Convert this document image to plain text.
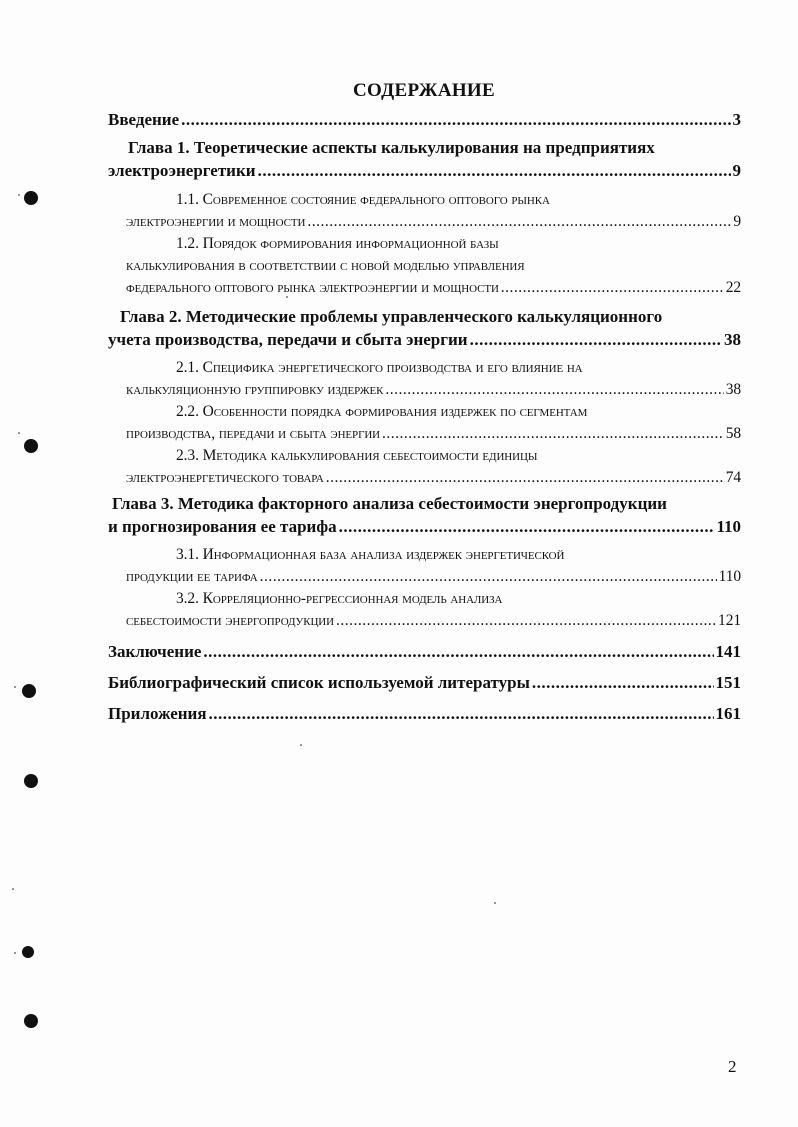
СОДЕРЖАНИЕ
Введение .....	3
Глава 1. Теоретические аспекты калькулирования на предприятиях
электроэнергетики .....	9
1.1. Современное состояние федерального оптового рынка
электроэнергии и мощности .....	9
1.2. Порядок формирования информационной базы
калькулирования в соответствии с новой моделью управления
федерального оптового рынка электроэнергии и мощности .....	22
Глава 2. Методические проблемы управленческого калькуляционного
учета производства, передачи и сбыта энергии .....	38
2.1. Специфика энергетического производства и его влияние на
калькуляционную группировку издержек .....	38
2.2. Особенности порядка формирования издержек по сегментам
производства, передачи и сбыта энергии .....	58
2.3. Методика калькулирования себестоимости единицы
электроэнергетического товара .....	74
Глава 3. Методика факторного анализа себестоимости энергопродукции
и прогнозирования ее тарифа .....	110
3.1. Информационная база анализа издержек энергетической
продукции ее тарифа .....	110
3.2. Корреляционно-регрессионная модель анализа
себестоимости энергопродукции .....	121
Заключение .....	141
Библиографический список используемой литературы .....	151
Приложения .....	161
2
